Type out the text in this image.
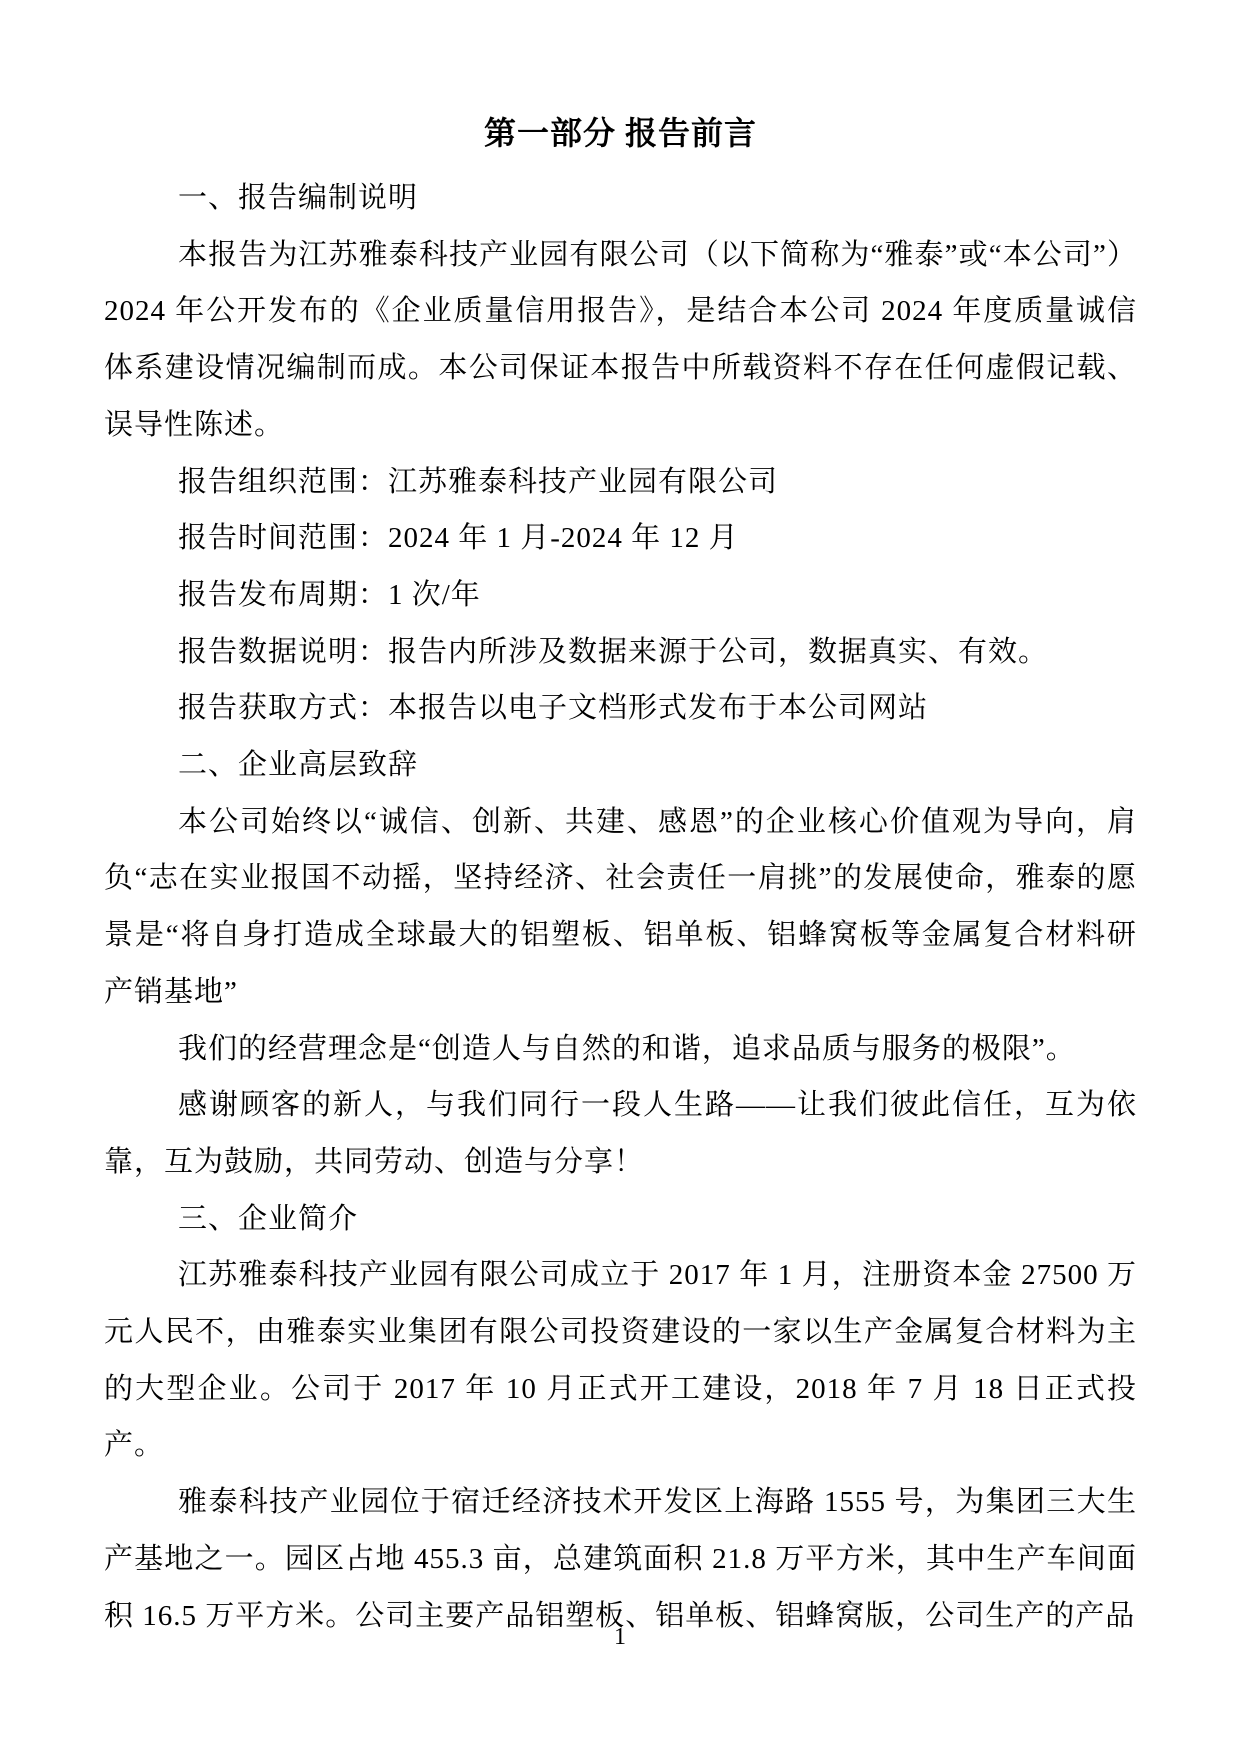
第一部分 报告前言

一、报告编制说明

本报告为江苏雅泰科技产业园有限公司（以下简称为“雅泰”或“本公司”）2024 年公开发布的《企业质量信用报告》，是结合本公司 2024 年度质量诚信体系建设情况编制而成。本公司保证本报告中所载资料不存在任何虚假记载、误导性陈述。

报告组织范围：江苏雅泰科技产业园有限公司

报告时间范围：2024 年 1 月-2024 年 12 月

报告发布周期：1 次/年

报告数据说明：报告内所涉及数据来源于公司，数据真实、有效。

报告获取方式：本报告以电子文档形式发布于本公司网站

二、企业高层致辞

本公司始终以“诚信、创新、共建、感恩”的企业核心价值观为导向，肩负“志在实业报国不动摇，坚持经济、社会责任一肩挑”的发展使命，雅泰的愿景是“将自身打造成全球最大的铝塑板、铝单板、铝蜂窝板等金属复合材料研产销基地”

我们的经营理念是“创造人与自然的和谐，追求品质与服务的极限”。

感谢顾客的新人，与我们同行一段人生路——让我们彼此信任，互为依靠，互为鼓励，共同劳动、创造与分享！

三、企业简介

江苏雅泰科技产业园有限公司成立于 2017 年 1 月，注册资本金 27500 万元人民不，由雅泰实业集团有限公司投资建设的一家以生产金属复合材料为主的大型企业。公司于 2017 年 10 月正式开工建设，2018 年 7 月 18 日正式投产。

雅泰科技产业园位于宿迁经济技术开发区上海路 1555 号，为集团三大生产基地之一。园区占地 455.3 亩，总建筑面积 21.8 万平方米，其中生产车间面积 16.5 万平方米。公司主要产品铝塑板、铝单板、铝蜂窝版，公司生产的产品

1
